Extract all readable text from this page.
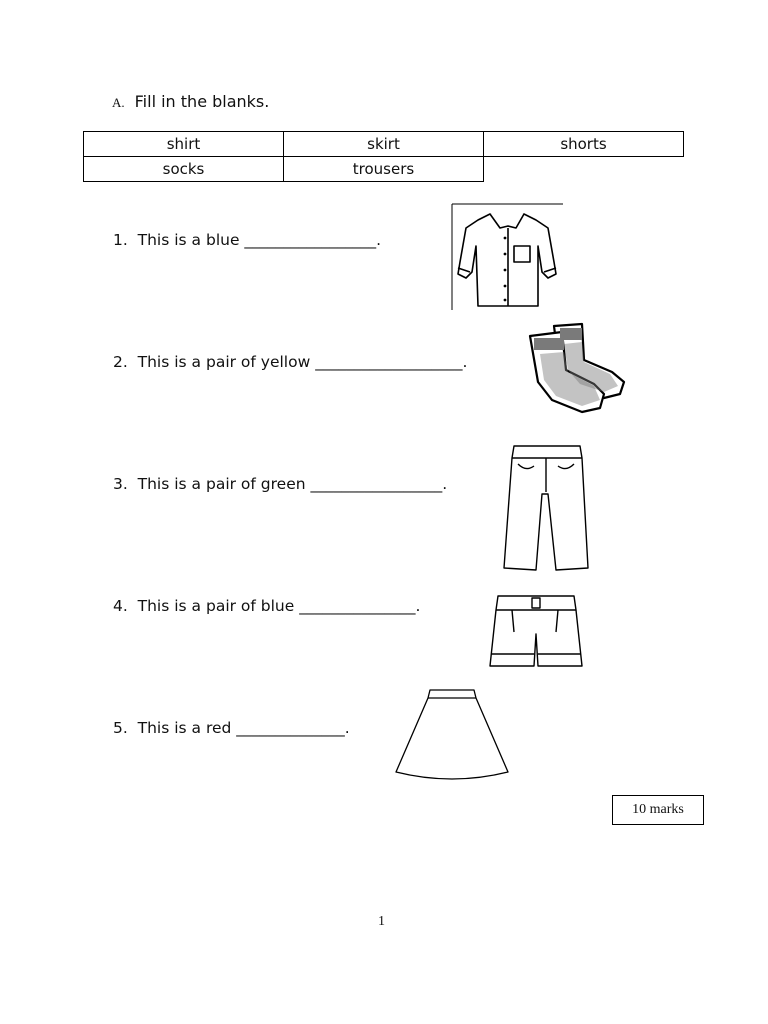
A. Fill in the blanks.
shirt	skirt	shorts
socks	trousers	
1.  This is a blue _________________.
2.  This is a pair of yellow ___________________.
3.  This is a pair of green _________________.
4.  This is a pair of blue _______________.
5.  This is a red ______________.
10 marks
1
